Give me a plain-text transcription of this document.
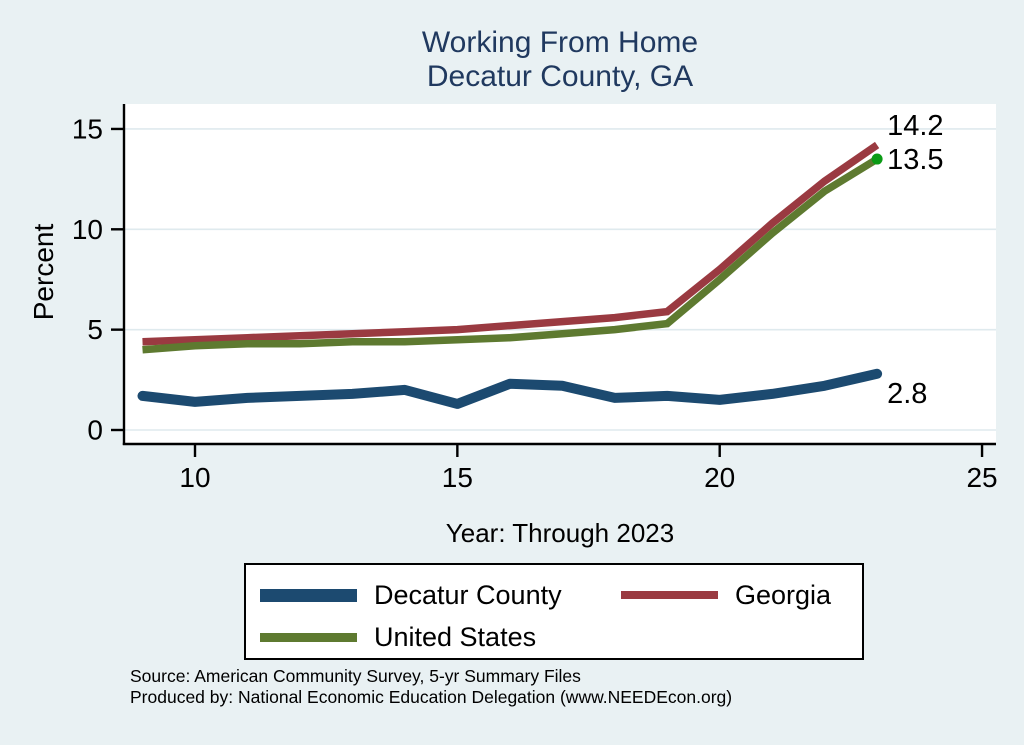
Working From Home
Decatur County, GA
Percent
0
5
10
15
10	15	20	25
2.8
14.2
13.5
Year: Through 2023
Decatur County	Georgia
United States
Source: American Community Survey, 5-yr Summary Files
Produced by: National Economic Education Delegation (www.NEEDEcon.org)
